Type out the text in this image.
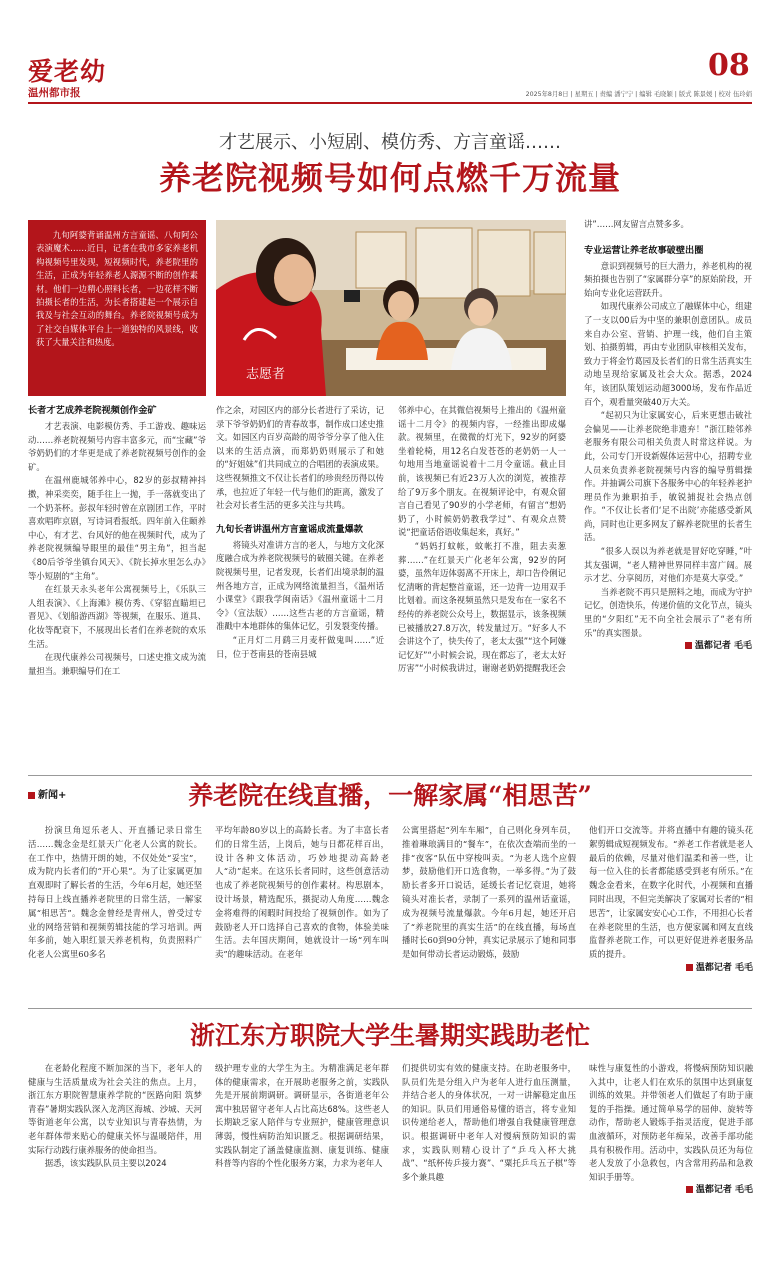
爱老幼
温州都市报
08
2025年8月8日 | 星期五 | 责编 潘宁宁 | 编辑 毛晓颖 | 版式 陈景媛 | 校对 伍玲娟
才艺展示、小短剧、模仿秀、方言童谣……
养老院视频号如何点燃千万流量
九旬阿婆背诵温州方言童谣、八旬阿公表演魔术……近日，记者在我市多家养老机构视频号里发现，短视频时代，养老院里的生活，正成为年轻养老人源源不断的创作素材。他们一边精心照料长者，一边花样不断拍摄长者的生活，为长者搭建起一个展示自我及与社会互动的舞台。养老院视频号成为了社交自媒体平台上一道独特的风景线，收获了大量关注和热度。
志愿者

讲”……网友留言点赞多多。

专业运营让养老故事破壁出圈

意识到视频号的巨大潜力，养老机构的视频拍摄也告别了“家属群分享”的原始阶段，开始向专业化运营跃升。

如现代康养公司成立了融媒体中心，组建了一支以00后为中坚的兼职创意团队。成员来自办公室、营销、护理一线，他们自主策划、拍摄剪辑，再由专业团队审核相关发布，致力于将金竹葛园及长者们的日常生活真实生动地呈现给家属及社会大众。据悉，2024年，该团队策划运动超3000场，发布作品近百个，观看量突破40万大关。

“起初只为让家属安心，后来更想击破社会偏见——让养老院绝非遗弃！”浙江睦邻养老服务有限公司相关负责人时常这样说。为此，公司专门开设新媒体运营中心，招聘专业人员来负责养老院视频号内容的编导剪辑操作。并抽调公司旗下各服务中心的年轻养老护理员作为兼职拍手，敏锐捕捉社会热点创作。“不仅让长者们‘足不出院’亦能感受新风尚，同时也让更多网友了解养老院里的长者生活。

“很多人误以为养老就是冒好吃穿睡，”叶其友强调，“老人精神世界同样丰富广阔。展示才艺、分享阅历，对他们亦是莫大享受。”

当养老院不再只是照料之地，而成为守护记忆，创造快乐，传递价值的文化节点，镜头里的“夕阳红”无不向全社会展示了“老有所乐”的真实图景。

温都记者 毛毛
长者才艺成养老院视频创作金矿

才艺表演、电影模仿秀、手工游戏、趣味运动……养老院视频号内容丰富多元，而“宝藏”爷爷奶奶们的才华更是成了养老院视频号创作的金矿。

在温州鹿城邻养中心，82岁的彭叔精神抖擞，神采奕奕，随手往上一抛，手一落就变出了一个奶茶杯。彭叔年轻时曾在京剧团工作，平时喜欢唱昨京剧，写诗词看报纸。四年前入住颐养中心，有才艺、台风好的他在视频时代，成为了养老院视频编导眼里的最佳“男主角”，担当起《80后爷爷坐镇台风天》、《院长掉水里怎么办》等小短剧的“主角”。

在红景天永头老年公寓视频号上，《乐队三人组表演》、《上海滩》模仿秀、《穿貂直瞄坦已晋见》、《划船游西湖》等视频，在服乐、道具、化妆等配衰下，不展现出长者们在养老院的欢乐生活。

在现代康养公司视频号，口述史推文成为流量担当。兼职编导们在工

作之余，对园区内的部分长者进行了采访，记录下爷爷奶奶们的青春故事，制作成口述史推文。如园区内百岁高龄的周爷爷分享了他入住以来的生活点滴，而郑奶奶则展示了和她的“好姐妹”们共同成立的合唱团的表演成果。这些视频推文不仅让长者们的珍贵经历得以传承，也拉近了年轻一代与他们的距离，激发了社会对长者生活的更多关注与共鸣。

九旬长者讲温州方言童谣成流量爆款

将镜头对准讲方言的老人，与地方文化深度融合成为养老院视频号的破圈关键。在养老院视频号里，记者发现，长者们出境录制的温州各地方言，正成为网络流量担当，《温州话小课堂》《跟我学闽南话》《温州童谣十二月令》（宣法版）……这些古老的方言童谣，精准戳中本地群体的集体记忆，引发裂变传播。

“正月灯二月鹞三月麦杆做鬼叫……”近日，位于苍南县的苍南县城

邻养中心，在其微信视频号上推出的《温州童谣十二月令》的视频内容，一经推出即成爆款。视频里，在微微的灯光下，92岁的阿婆坐着轮椅，用12名白发苍苍的老奶奶一人一句地用当地童谣说着十二月令童谣。截止目前，该视频已有近23万人次的浏览，被推荐给了9万多个朋友。在视频评论中，有观众留言自己看见了90岁的小学老师，有留言“想奶奶了，小时候奶奶教我学过”、有观众点赞说“把童话俗语收集起来，真好。”

“妈妈打蚊帐，蚊帐打不准，阻去卖葱葬……”在红景天广化老年公寓，92岁的阿婆，虽然年迈体弱离不开床上，却口告伶俐记忆清晰的背起整首童谣，还一边背一边用双手比划着。而这条视频虽然只是发布在一家名不经传的养老院公众号上，数据显示，该条视频已被播放27.8万次，转发量过万。“好多人不会讲这个了，快失传了，老太太强”“这个阿嫌记忆好”“小时候会说，现在都忘了，老太太好厉害”“小时候我讲过，谢谢老奶奶提醒我还会

新闻+	养老院在线直播，一解家属“相思苦”

扮演旦角逗乐老人、开直播记录日常生活……魏念金是红景天广化老人公寓的院长。在工作中，热情开朗的她，不仅处处“妥宝”，成为院内长者们的“开心果”。为了让家属更加直观即时了解长者的生活，今年6月起，她还坚持每日上线直播养老院里的日常生活，一解家属“相思苦”。魏念金曾经是青州人，曾受过专业的网络营销和视频剪辑技能的学习培训。两年多前，她入职红景天养老机构，负责照料广化老人公寓里60多名

平均年龄80岁以上的高龄长者。为了丰富长者们的日常生活，上岗后，她与日都花样百出，设计各种文体活动，巧妙地提动高龄老人“动”起来。在这乐长者同时，这些创意活动也成了养老院视频号的创作素材。构思剧本，设计场景，精选配乐，摄捉动人角度……魏念金将难得的闲暇时间投给了视频创作。如为了鼓励老人开口选择自己喜欢的食物，体验美味生活。去年国庆期间，她就设计一场“列车叫卖”的趣味活动。在老年

公寓里搭起“列车车厢”，自己则化身列车员，推着琳琅满目的“餐车”，在依次查端而坐的一排“夜客”队伍中穿梭叫卖。“为老人选个应假梦，鼓励他们开口选食物，一举多得。”为了鼓励长者多开口说话，延缓长者记忆衰退，她将镜头对准长者，录制了一系列的温州话童谣，成为视频号流量爆款。今年6月起，她还开启了“养老院里的真实生活”的在线直播，每场直播时长60到90分钟，真实记录展示了她和同事是如何带动长者运动锻炼，鼓励

他们开口交流等。并将直播中有趣的镜头花絮剪辑成短视频发布。“养老工作者就是老人最后的依赖，尽量对他们温柔和善一些，让每一位入住的长者都能感受到老有所乐。”在魏念金看来，在数字化时代，小视频和直播同时出现，不但完美解决了家属对长者的“相思苦”，让家属安安心心工作，不用担心长者在养老院里的生活，也方便家属和网友直线监督养老院工作，可以更好促进养老服务品质的提升。

温都记者 毛毛
浙江东方职院大学生暑期实践助老忙

在老龄化程度不断加深的当下，老年人的健康与生活质量成为社会关注的焦点。上月，浙江东方职院智慧康养学院的“医路向阳 筑梦青春”暑期实践队深入龙湾区海城、沙城、天河等街道老年公寓，以专业知识与青春热情，为老年群体带来贴心的健康关怀与温暖陪伴，用实际行动践行康养服务的使命担当。

据悉，该实践队队员主要以2024

级护理专业的大学生为主。为精准满足老年群体的健康需求，在开展助老服务之前，实践队先是开展前期调研。调研显示，各街道老年公寓中独居留守老年人占比高达68%。这些老人长期缺乏家人陪伴与专业照护，健康管理意识薄弱，慢性病防治知识匮乏。根据调研结果，实践队制定了涵盖健康监测、康复训练、健康科普等内容的个性化服务方案，力求为老年人

们提供切实有效的健康支持。在助老服务中，队员们先是分组入户为老年人进行血压测量，并结合老人的身体状况，一对一讲解稳定血压的知识。队员们用通俗易懂的语言，将专业知识传递给老人，帮助他们增强自我健康管理意识。根据调研中老年人对慢病预防知识的需求，实践队则精心设计了“乒乓入杯大挑战”、“纸杯传乒接力赛”、“粟托乒乓五子棋”等多个兼具趣

味性与康复性的小游戏，将慢病预防知识融入其中，让老人们在欢乐的氛围中达到康复训练的效果。并带领老人们做起了有助于康复的手指操。通过简单易学的屈伸、旋转等动作，帮助老人锻炼手指灵活度，促进手部血液循环，对预防老年痴呆，改善手部功能具有积极作用。活动中，实践队员还为每位老人发放了小急救包，内含常用药品和急救知识手册等。

温都记者 毛毛
